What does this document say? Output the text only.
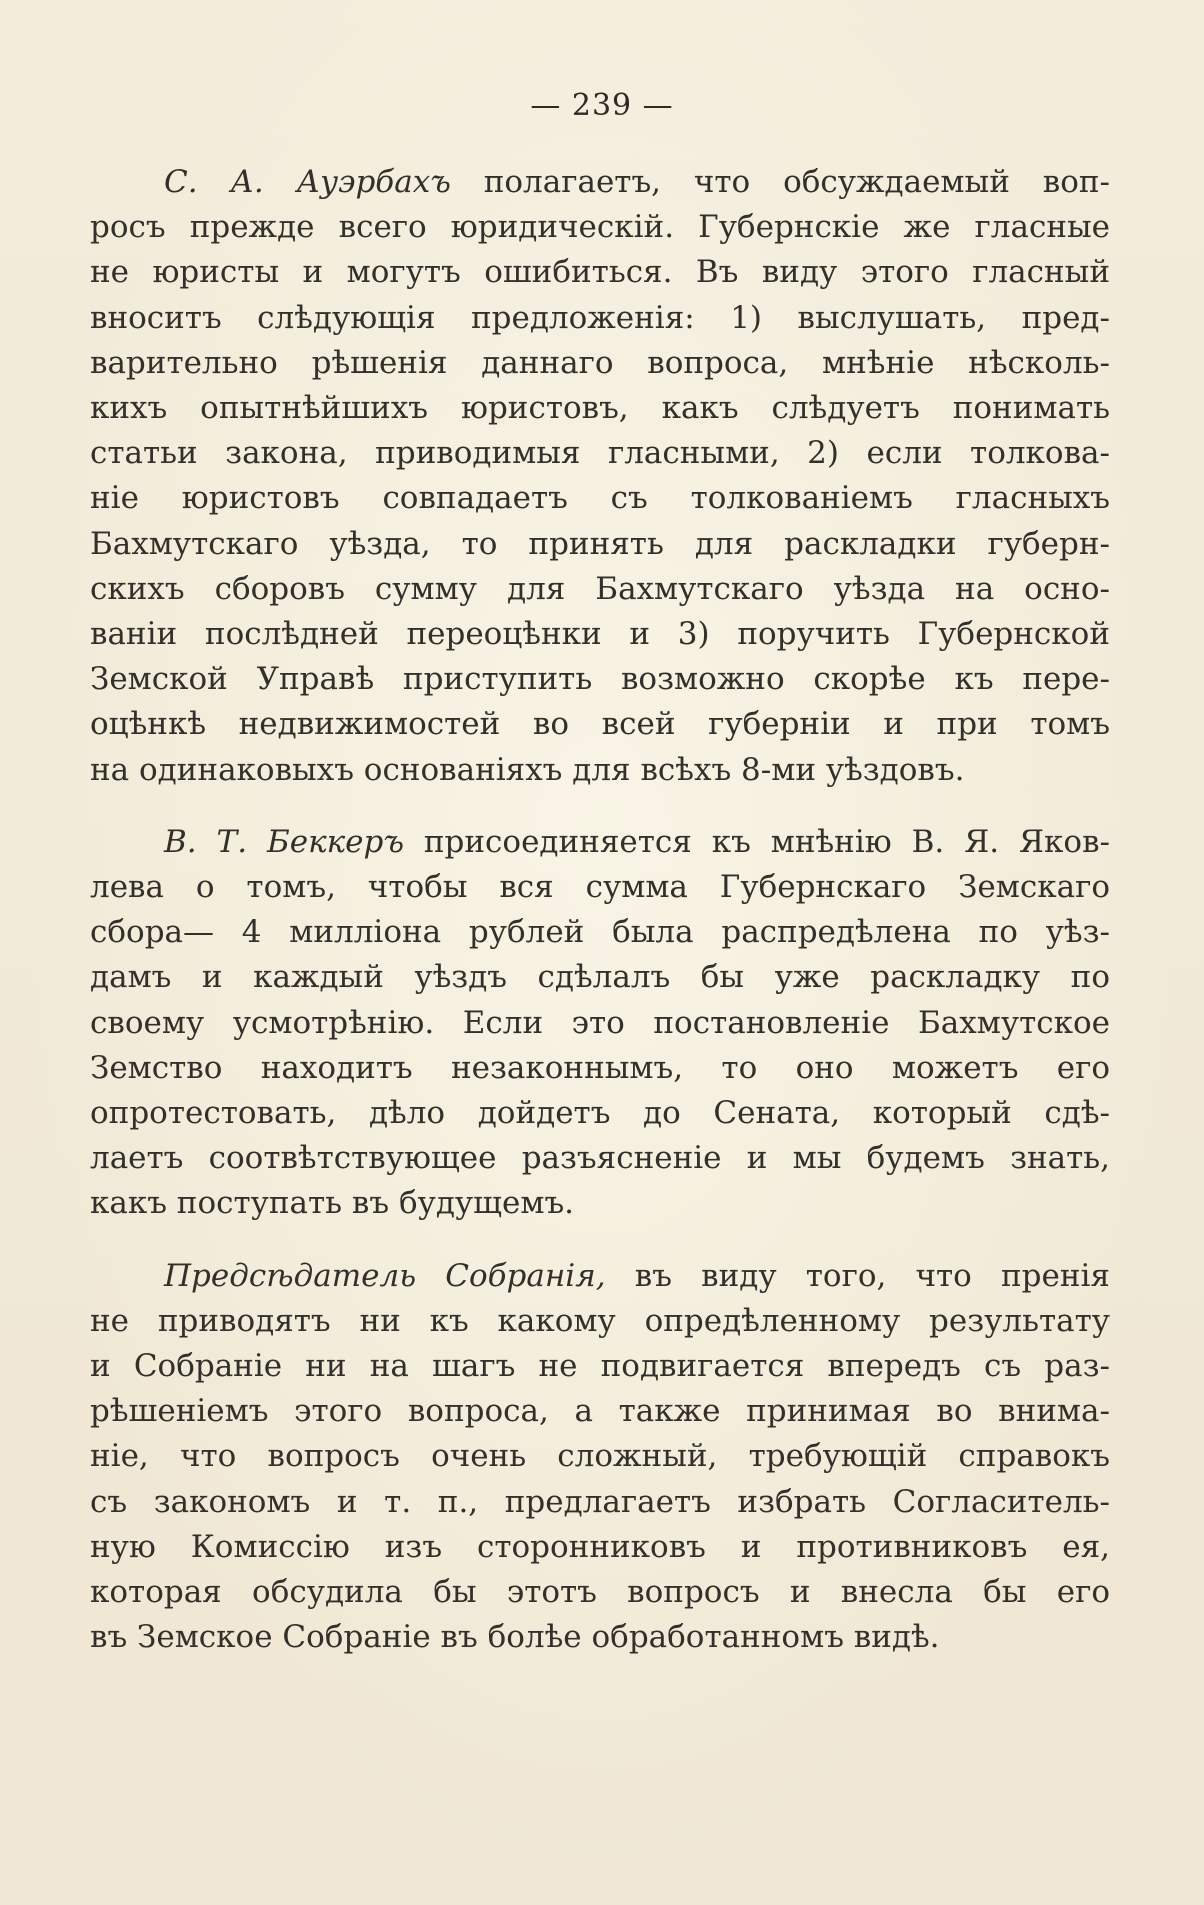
— 239 —

С. А. Ауэрбахъ полагаетъ, что обсуждаемый воп-
росъ прежде всего юридическій. Губернскіе же гласные
не юристы и могутъ ошибиться. Въ виду этого гласный
вноситъ слѣдующія предложенія: 1) выслушать, пред-
варительно рѣшенія даннаго вопроса, мнѣніе нѣсколь-
кихъ опытнѣйшихъ юристовъ, какъ слѣдуетъ понимать
статьи закона, приводимыя гласными, 2) если толкова-
ніе юристовъ совпадаетъ съ толкованіемъ гласныхъ
Бахмутскаго уѣзда, то принять для раскладки губерн-
скихъ сборовъ сумму для Бахмутскаго уѣзда на осно-
ваніи послѣдней переоцѣнки и 3) поручить Губернской
Земской Управѣ приступить возможно скорѣе къ пере-
оцѣнкѣ недвижимостей во всей губерніи и при томъ
на одинаковыхъ основаніяхъ для всѣхъ 8-ми уѣздовъ.

В. Т. Беккеръ присоединяется къ мнѣнію В. Я. Яков-
лева о томъ, чтобы вся сумма Губернскаго Земскаго
сбора— 4 милліона рублей была распредѣлена по уѣз-
дамъ и каждый уѣздъ сдѣлалъ бы уже раскладку по
своему усмотрѣнію. Если это постановленіе Бахмутское
Земство находитъ незаконнымъ, то оно можетъ его
опротестовать, дѣло дойдетъ до Сената, который сдѣ-
лаетъ соотвѣтствующее разъясненіе и мы будемъ знать,
какъ поступать въ будущемъ.

Предсѣдатель Собранія, въ виду того, что пренія
не приводятъ ни къ какому опредѣленному результату
и Собраніе ни на шагъ не подвигается впередъ съ раз-
рѣшеніемъ этого вопроса, а также принимая во внима-
ніе, что вопросъ очень сложный, требующій справокъ
съ закономъ и т. п., предлагаетъ избрать Согласитель-
ную Комиссію изъ сторонниковъ и противниковъ ея,
которая обсудила бы этотъ вопросъ и внесла бы его
въ Земское Собраніе въ болѣе обработанномъ видѣ.
